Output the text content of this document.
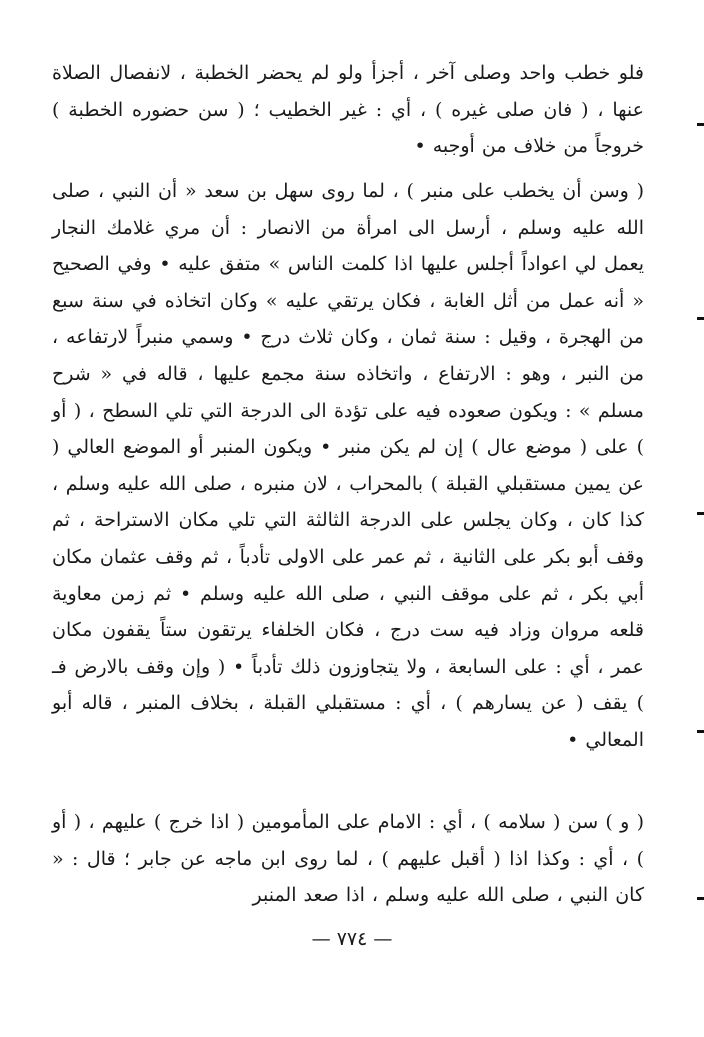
فلو خطب واحد وصلى آخر ، أجزأ ولو لم يحضر الخطبة ، لانفصال الصلاة عنها ، ( فان صلى غيره ) ، أي : غير الخطيب ؛ ( سن حضوره الخطبة ) خروجاً من خلاف من أوجبه •

( وسن أن يخطب على منبر ) ، لما روى سهل بن سعد « أن النبي ، صلى الله عليه وسلم ، أرسل الى امرأة من الانصار : أن مري غلامك النجار يعمل لي اعواداً أجلس عليها اذا كلمت الناس » متفق عليه • وفي الصحيح « أنه عمل من أثل الغابة ، فكان يرتقي عليه » وكان اتخاذه في سنة سبع من الهجرة ، وقيل : سنة ثمان ، وكان ثلاث درج • وسمي منبراً لارتفاعه ، من النبر ، وهو : الارتفاع ، واتخاذه سنة مجمع عليها ، قاله في « شرح مسلم » : ويكون صعوده فيه على تؤدة الى الدرجة التي تلي السطح ، ( أو ) على ( موضع عال ) إن لم يكن منبر • ويكون المنبر أو الموضع العالي ( عن يمين مستقبلي القبلة ) بالمحراب ، لان منبره ، صلى الله عليه وسلم ، كذا كان ، وكان يجلس على الدرجة الثالثة التي تلي مكان الاستراحة ، ثم وقف أبو بكر على الثانية ، ثم عمر على الاولى تأدباً ، ثم وقف عثمان مكان أبي بكر ، ثم على موقف النبي ، صلى الله عليه وسلم • ثم زمن معاوية قلعه مروان وزاد فيه ست درج ، فكان الخلفاء يرتقون ستاً يقفون مكان عمر ، أي : على السابعة ، ولا يتجاوزون ذلك تأدباً • ( وإن وقف بالارض فـ ) يقف ( عن يسارهم ) ، أي : مستقبلي القبلة ، بخلاف المنبر ، قاله أبو المعالي •

( و ) سن ( سلامه ) ، أي : الامام على المأمومين ( اذا خرج ) عليهم ، ( أو ) ، أي : وكذا اذا ( أقبل عليهم ) ، لما روى ابن ماجه عن جابر ؛ قال : « كان النبي ، صلى الله عليه وسلم ، اذا صعد المنبر

— ٧٧٤ —
